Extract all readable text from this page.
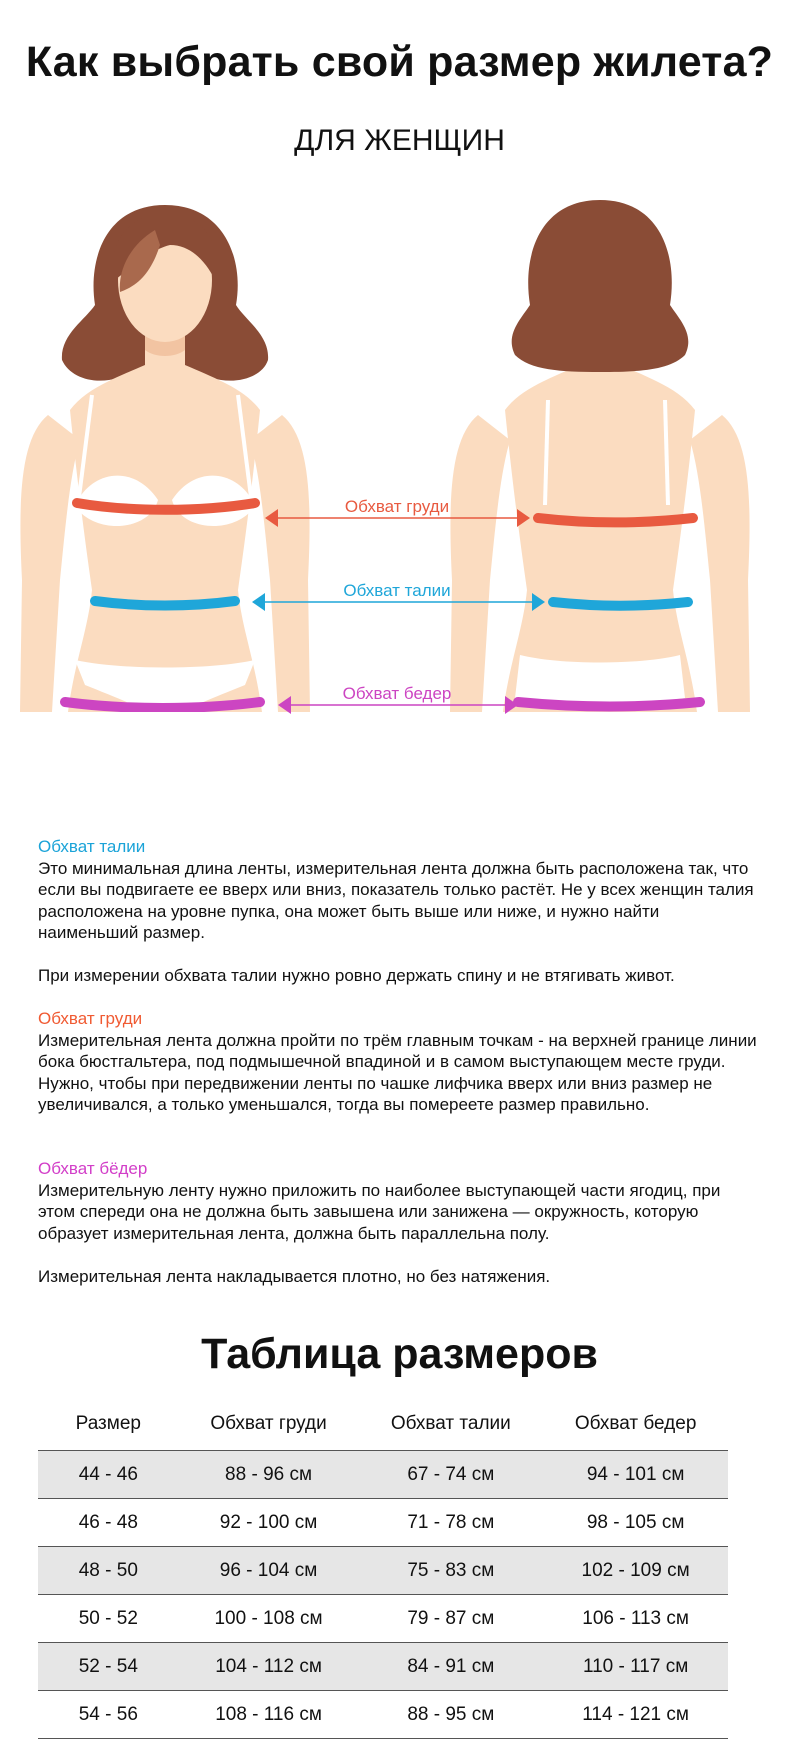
Как выбрать свой размер жилета?
ДЛЯ ЖЕНЩИН
Обхват груди
Обхват талии
Обхват бедер

Обхват талии

Это минимальная длина ленты, измерительная лента должна быть расположена так, что если вы подвигаете ее вверх или вниз, показатель только растёт. Не у всех женщин талия расположена на уровне пупка, она может быть выше или ниже, и нужно найти наименьший размер.

При измерении обхвата талии нужно ровно держать спину и не втягивать живот.

Обхват груди

Измерительная лента должна пройти по трём главным точкам - на верхней границе линии бока бюстгальтера, под подмышечной впадиной и в самом выступающем месте груди. Нужно, чтобы при передвижении ленты по чашке лифчика вверх или вниз размер не увеличивался, а только уменьшался, тогда вы помереете размер правильно.

Обхват бёдер

Измерительную ленту нужно приложить по наиболее выступающей части ягодиц, при этом спереди она не должна быть завышена или занижена — окружность, которую образует измерительная лента, должна быть параллельна полу.

Измерительная лента накладывается плотно, но без натяжения.

Таблица размеров
Размер	Обхват груди	Обхват талии	Обхват бедер
44 - 46	88 - 96 см	67 - 74 см	94 - 101 см
46 - 48	92 - 100 см	71 - 78 см	98 - 105 см
48 - 50	96 - 104 см	75 - 83 см	102 - 109 см
50 - 52	100 - 108 см	79 - 87 см	106 - 113 см
52 - 54	104 - 112 см	84 - 91 см	110 - 117 см
54 - 56	108 - 116 см	88 - 95 см	114 - 121 см
